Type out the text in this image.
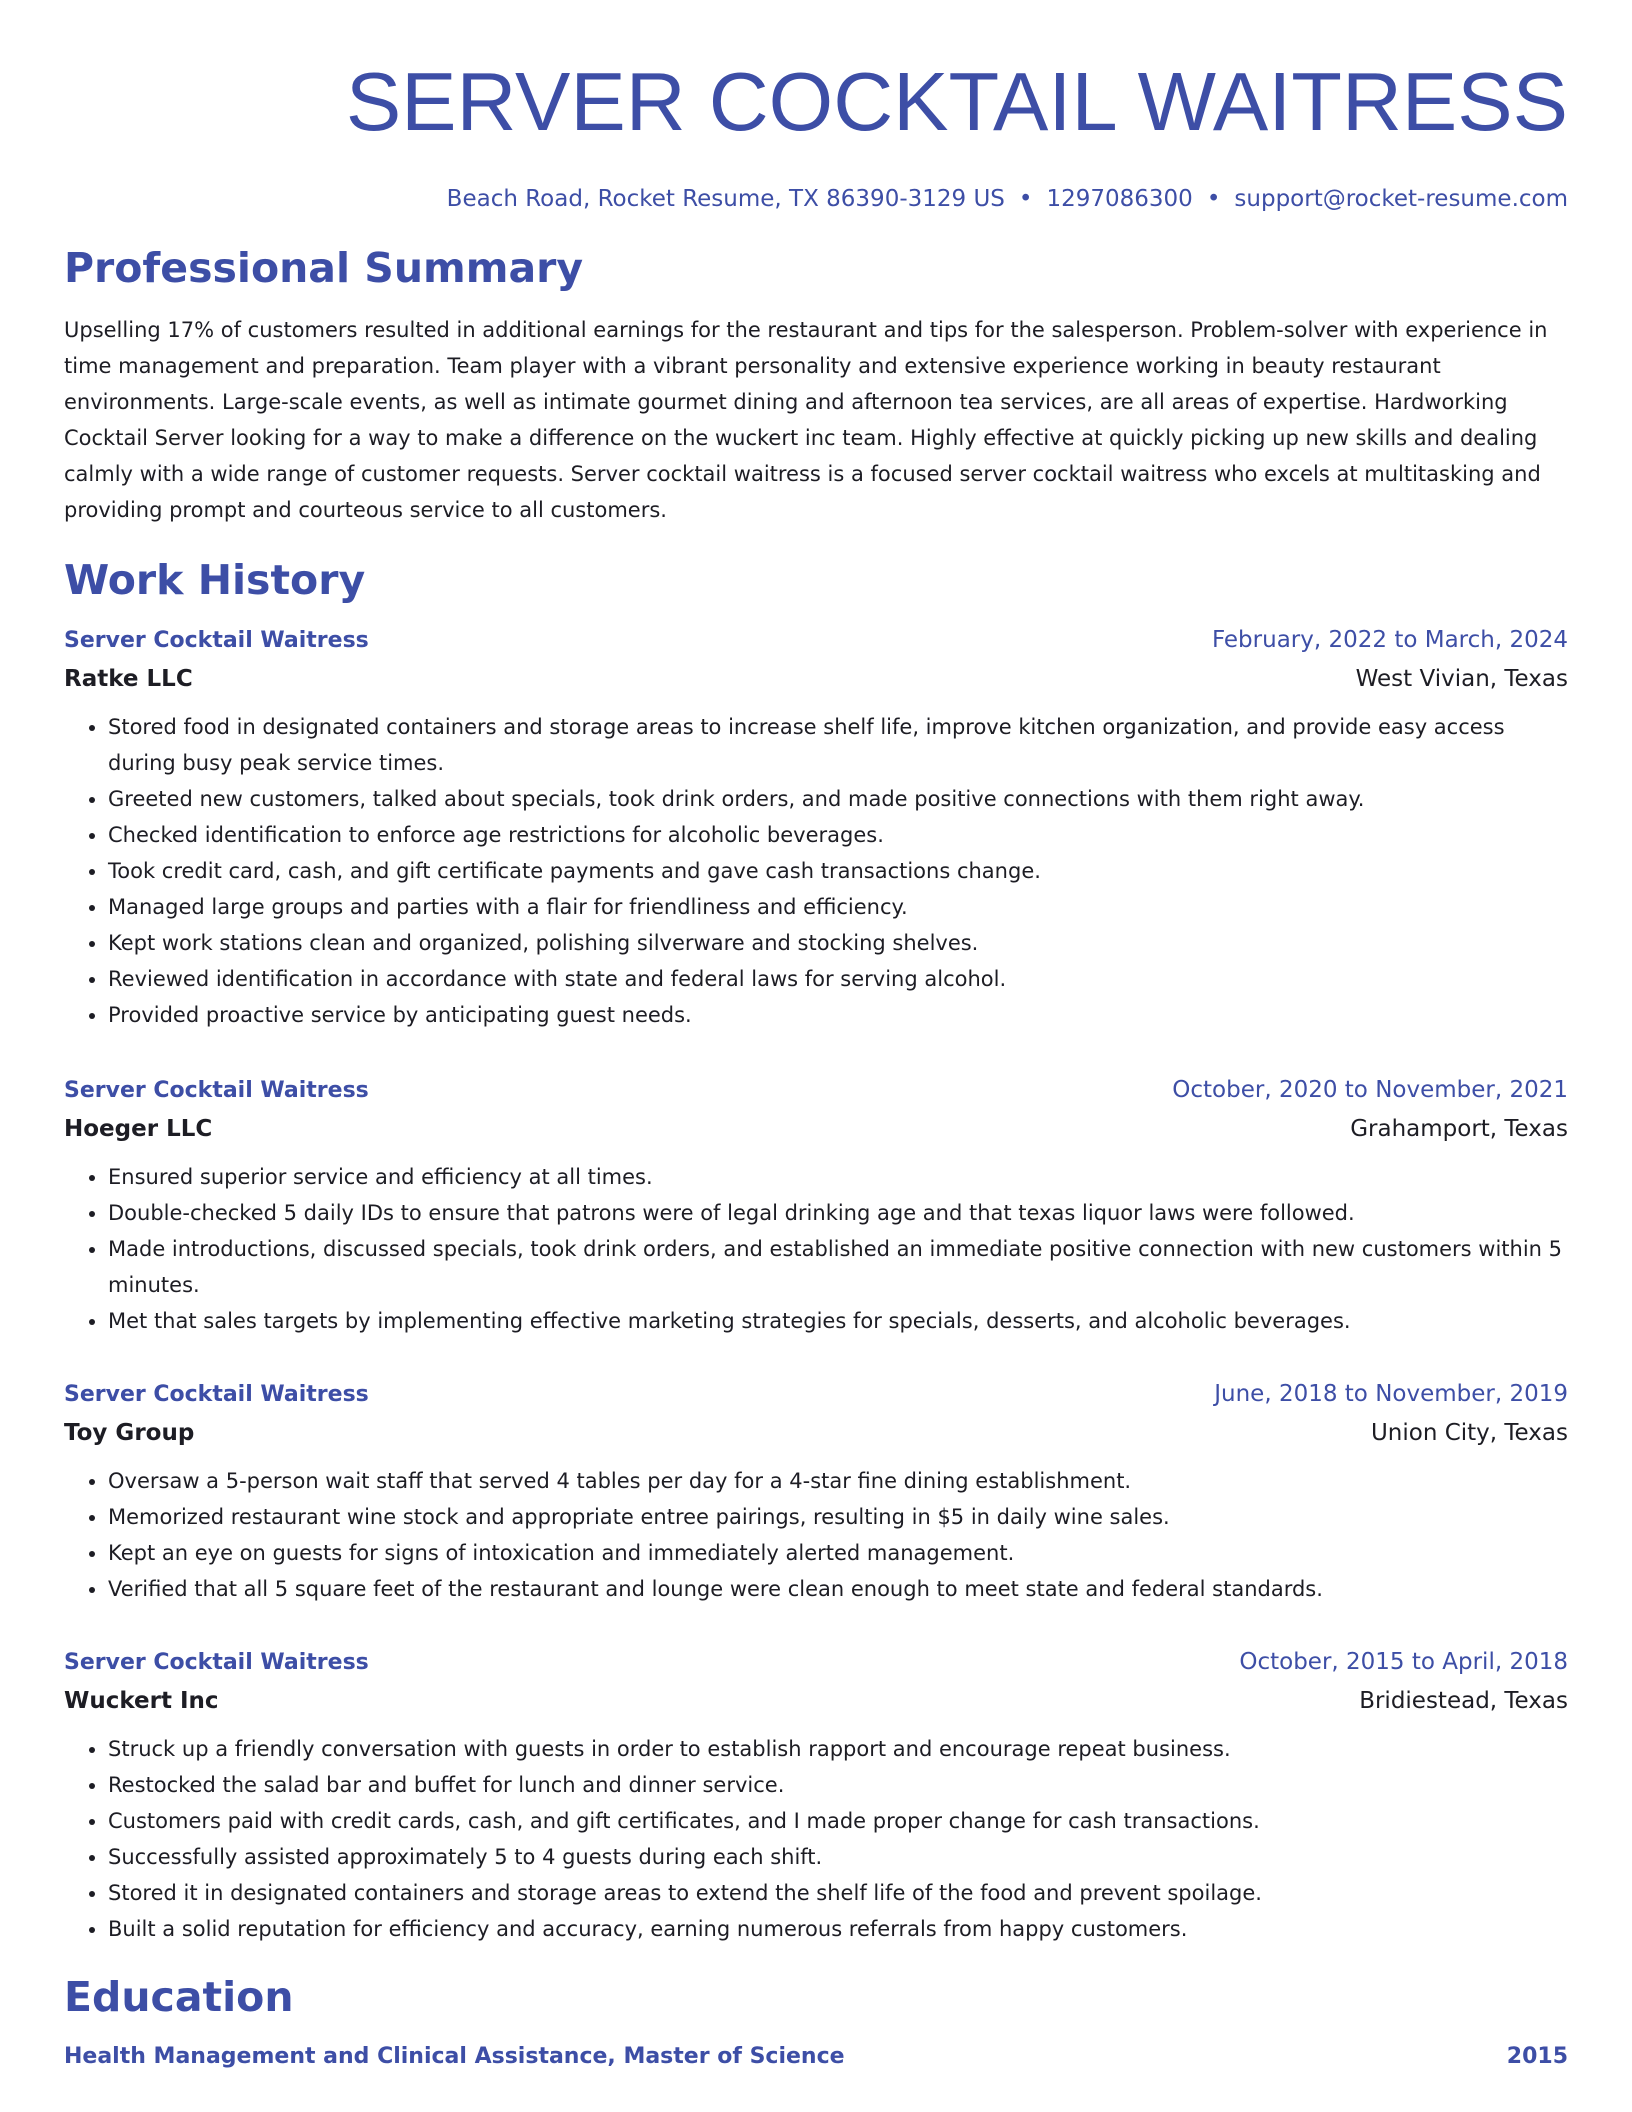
SERVER COCKTAIL WAITRESS
Beach Road, Rocket Resume, TX 86390-3129 US • 1297086300 • support@rocket-resume.com
Professional Summary

Upselling 17% of customers resulted in additional earnings for the restaurant and tips for the salesperson. Problem-solver with experience in time management and preparation. Team player with a vibrant personality and extensive experience working in beauty restaurant environments. Large-scale events, as well as intimate gourmet dining and afternoon tea services, are all areas of expertise. Hardworking Cocktail Server looking for a way to make a difference on the wuckert inc team. Highly effective at quickly picking up new skills and dealing calmly with a wide range of customer requests. Server cocktail waitress is a focused server cocktail waitress who excels at multitasking and providing prompt and courteous service to all customers.

Work History
Server Cocktail Waitress	February, 2022 to March, 2024
Ratke LLC	West Vivian, Texas
• Stored food in designated containers and storage areas to increase shelf life, improve kitchen organization, and provide easy access during busy peak service times.
• Greeted new customers, talked about specials, took drink orders, and made positive connections with them right away.
• Checked identification to enforce age restrictions for alcoholic beverages.
• Took credit card, cash, and gift certificate payments and gave cash transactions change.
• Managed large groups and parties with a flair for friendliness and efficiency.
• Kept work stations clean and organized, polishing silverware and stocking shelves.
• Reviewed identification in accordance with state and federal laws for serving alcohol.
• Provided proactive service by anticipating guest needs.
Server Cocktail Waitress	October, 2020 to November, 2021
Hoeger LLC	Grahamport, Texas
• Ensured superior service and efficiency at all times.
• Double-checked 5 daily IDs to ensure that patrons were of legal drinking age and that texas liquor laws were followed.
• Made introductions, discussed specials, took drink orders, and established an immediate positive connection with new customers within 5 minutes.
• Met that sales targets by implementing effective marketing strategies for specials, desserts, and alcoholic beverages.
Server Cocktail Waitress	June, 2018 to November, 2019
Toy Group	Union City, Texas
• Oversaw a 5-person wait staff that served 4 tables per day for a 4-star fine dining establishment.
• Memorized restaurant wine stock and appropriate entree pairings, resulting in $5 in daily wine sales.
• Kept an eye on guests for signs of intoxication and immediately alerted management.
• Verified that all 5 square feet of the restaurant and lounge were clean enough to meet state and federal standards.
Server Cocktail Waitress	October, 2015 to April, 2018
Wuckert Inc	Bridiestead, Texas
• Struck up a friendly conversation with guests in order to establish rapport and encourage repeat business.
• Restocked the salad bar and buffet for lunch and dinner service.
• Customers paid with credit cards, cash, and gift certificates, and I made proper change for cash transactions.
• Successfully assisted approximately 5 to 4 guests during each shift.
• Stored it in designated containers and storage areas to extend the shelf life of the food and prevent spoilage.
• Built a solid reputation for efficiency and accuracy, earning numerous referrals from happy customers.
Education
Health Management and Clinical Assistance, Master of Science	2015
